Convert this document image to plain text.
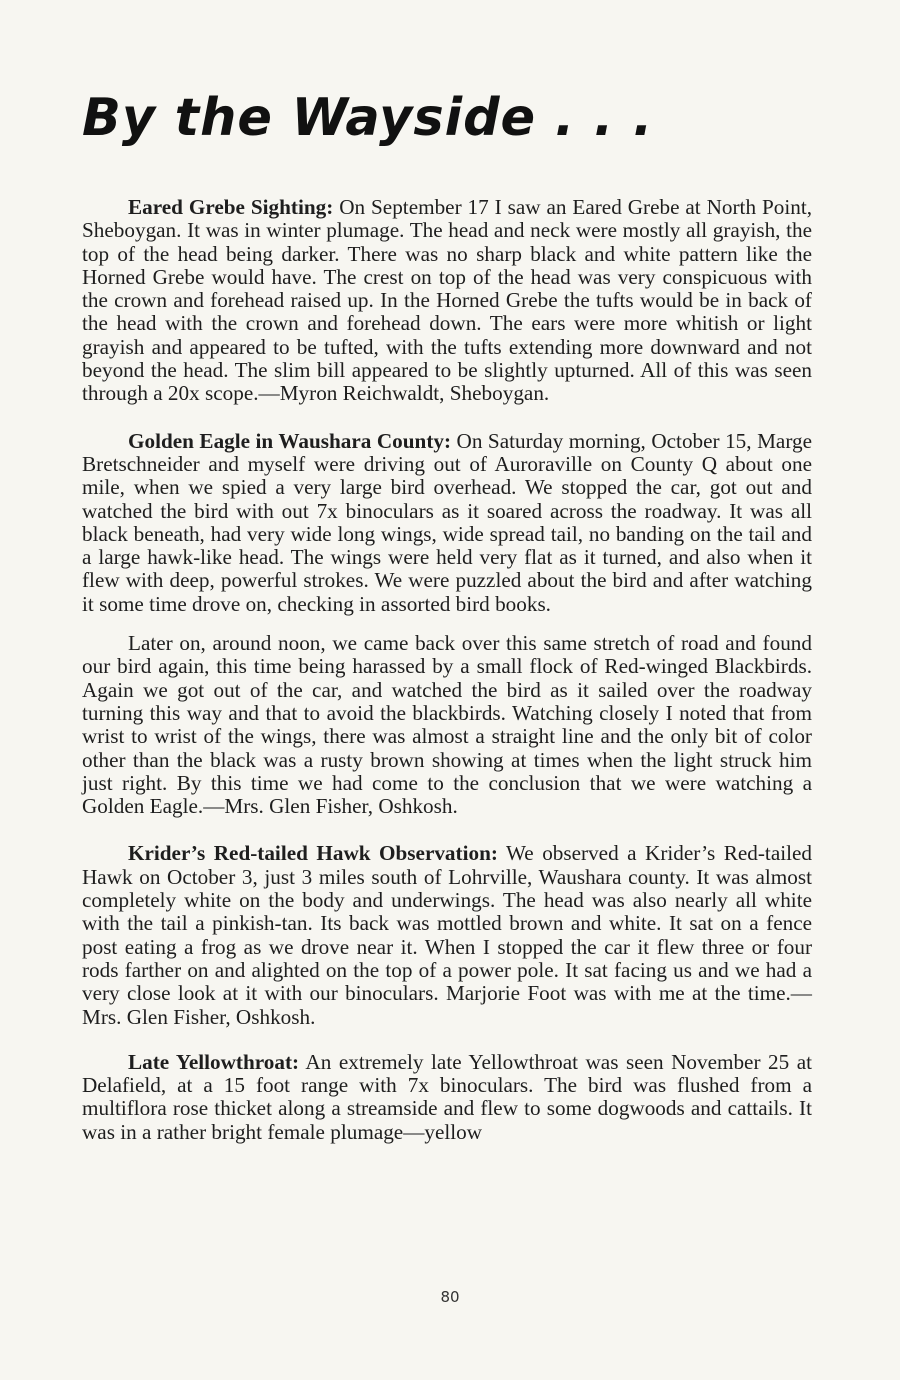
By the Wayside . . .

Eared Grebe Sighting: On September 17 I saw an Eared Grebe at North Point, Sheboygan. It was in winter plumage. The head and neck were mostly all grayish, the top of the head being darker. There was no sharp black and white pattern like the Horned Grebe would have. The crest on top of the head was very conspicuous with the crown and forehead raised up. In the Horned Grebe the tufts would be in back of the head with the crown and forehead down. The ears were more whitish or light grayish and appeared to be tufted, with the tufts extending more downward and not beyond the head. The slim bill appeared to be slightly upturned. All of this was seen through a 20x scope.—Myron Reichwaldt, Sheboygan.

Golden Eagle in Waushara County: On Saturday morning, October 15, Marge Bretschneider and myself were driving out of Auroraville on County Q about one mile, when we spied a very large bird overhead. We stopped the car, got out and watched the bird with out 7x binoculars as it soared across the roadway. It was all black beneath, had very wide long wings, wide spread tail, no banding on the tail and a large hawk-like head. The wings were held very flat as it turned, and also when it flew with deep, powerful strokes. We were puzzled about the bird and after watching it some time drove on, checking in assorted bird books.

Later on, around noon, we came back over this same stretch of road and found our bird again, this time being harassed by a small flock of Red-winged Blackbirds. Again we got out of the car, and watched the bird as it sailed over the roadway turning this way and that to avoid the blackbirds. Watching closely I noted that from wrist to wrist of the wings, there was almost a straight line and the only bit of color other than the black was a rusty brown showing at times when the light struck him just right. By this time we had come to the conclusion that we were watching a Golden Eagle.—Mrs. Glen Fisher, Oshkosh.

Krider’s Red-tailed Hawk Observation: We observed a Krider’s Red-tailed Hawk on October 3, just 3 miles south of Lohrville, Waushara county. It was almost completely white on the body and underwings. The head was also nearly all white with the tail a pinkish-tan. Its back was mottled brown and white. It sat on a fence post eating a frog as we drove near it. When I stopped the car it flew three or four rods farther on and alighted on the top of a power pole. It sat facing us and we had a very close look at it with our binoculars. Marjorie Foot was with me at the time.—Mrs. Glen Fisher, Oshkosh.

Late Yellowthroat: An extremely late Yellowthroat was seen November 25 at Delafield, at a 15 foot range with 7x binoculars. The bird was flushed from a multiflora rose thicket along a streamside and flew to some dogwoods and cattails. It was in a rather bright female plumage—yellow

80
